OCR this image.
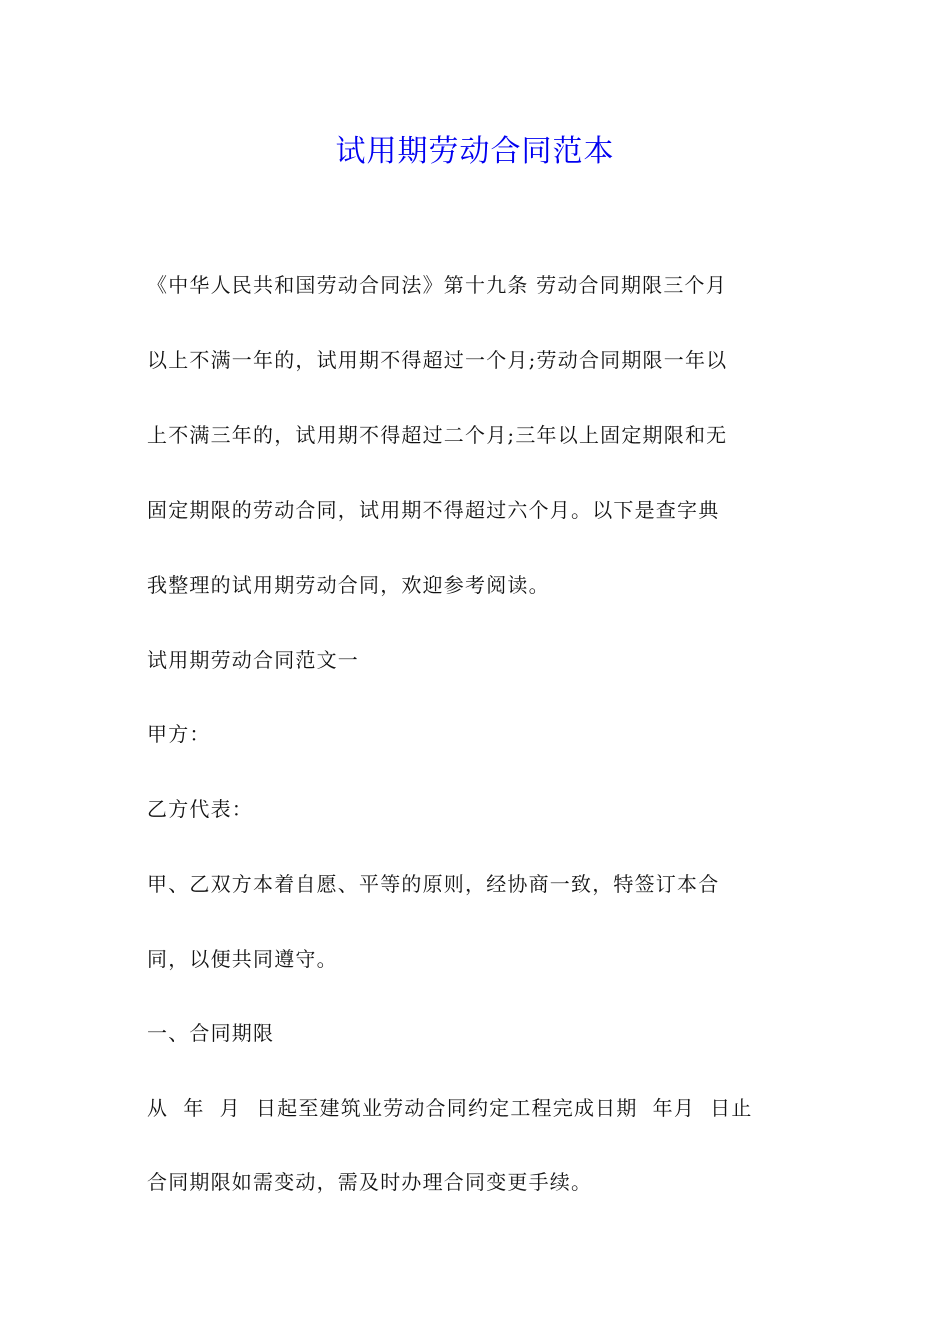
试用期劳动合同范本
《中华人民共和国劳动合同法》第十九条 劳动合同期限三个月
以上不满一年的，试用期不得超过一个月;劳动合同期限一年以
上不满三年的，试用期不得超过二个月;三年以上固定期限和无
固定期限的劳动合同，试用期不得超过六个月。以下是查字典
我整理的试用期劳动合同，欢迎参考阅读。
试用期劳动合同范文一
甲方：
乙方代表：
甲、乙双方本着自愿、平等的原则，经协商一致，特签订本合
同，以便共同遵守。
一、合同期限
从  年  月  日起至建筑业劳动合同约定工程完成日期  年月  日止
合同期限如需变动，需及时办理合同变更手续。
